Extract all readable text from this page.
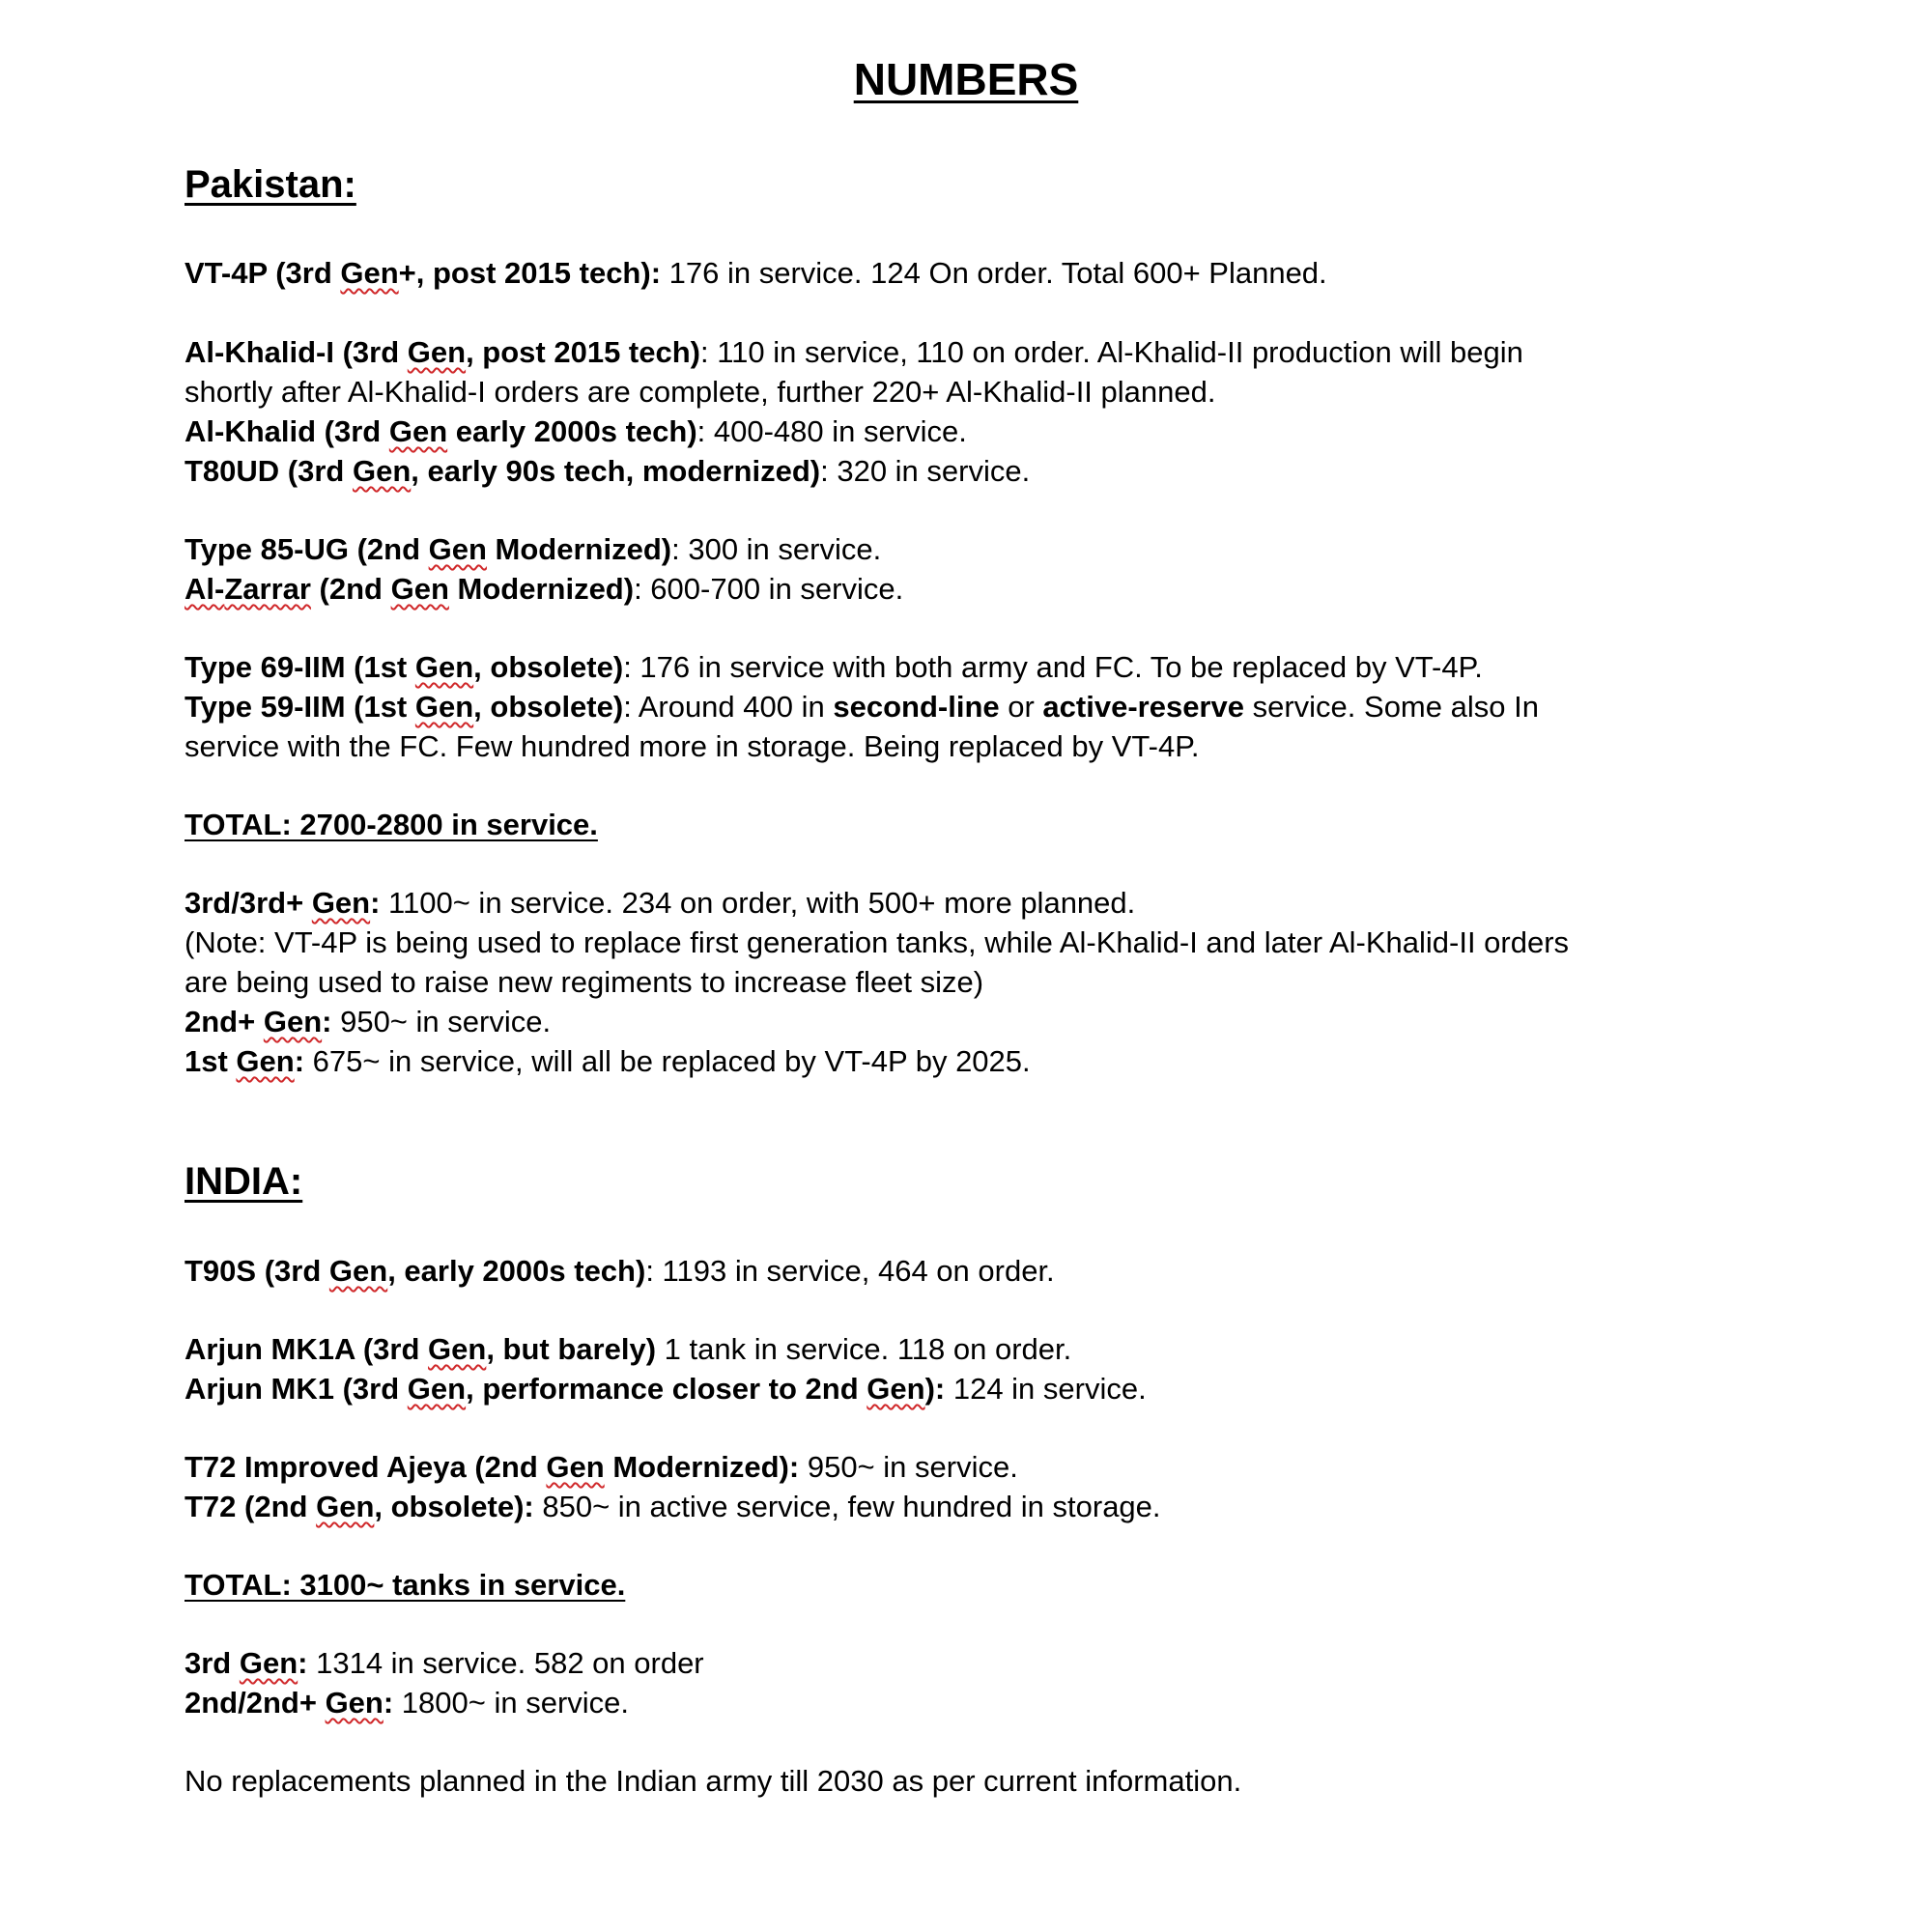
NUMBERS
Pakistan:
VT-4P (3rd Gen+, post 2015 tech): 176 in service. 124 On order. Total 600+ Planned.
Al-Khalid-I (3rd Gen, post 2015 tech): 110 in service, 110 on order. Al-Khalid-II production will begin
shortly after Al-Khalid-I orders are complete, further 220+ Al-Khalid-II planned.
Al-Khalid (3rd Gen early 2000s tech): 400-480 in service.
T80UD (3rd Gen, early 90s tech, modernized): 320 in service.
Type 85-UG (2nd Gen Modernized): 300 in service.
Al-Zarrar (2nd Gen Modernized): 600-700 in service.
Type 69-IIM (1st Gen, obsolete): 176 in service with both army and FC. To be replaced by VT-4P.
Type 59-IIM (1st Gen, obsolete): Around 400 in second-line or active-reserve service. Some also In
service with the FC. Few hundred more in storage. Being replaced by VT-4P.
TOTAL: 2700-2800 in service.
3rd/3rd+ Gen: 1100~ in service. 234 on order, with 500+ more planned.
(Note: VT-4P is being used to replace first generation tanks, while Al-Khalid-I and later Al-Khalid-II orders
are being used to raise new regiments to increase fleet size)
2nd+ Gen: 950~ in service.
1st Gen: 675~ in service, will all be replaced by VT-4P by 2025.
INDIA:
T90S (3rd Gen, early 2000s tech): 1193 in service, 464 on order.
Arjun MK1A (3rd Gen, but barely) 1 tank in service. 118 on order.
Arjun MK1 (3rd Gen, performance closer to 2nd Gen): 124 in service.
T72 Improved Ajeya (2nd Gen Modernized): 950~ in service.
T72 (2nd Gen, obsolete): 850~ in active service, few hundred in storage.
TOTAL: 3100~ tanks in service.
3rd Gen: 1314 in service. 582 on order
2nd/2nd+ Gen: 1800~ in service.
No replacements planned in the Indian army till 2030 as per current information.
